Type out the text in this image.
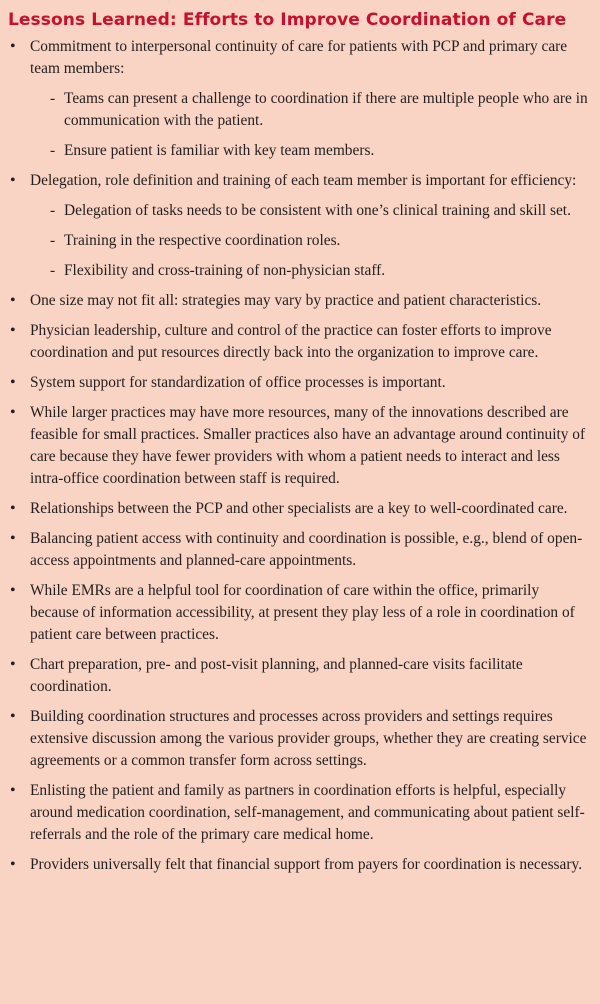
Lessons Learned: Efforts to Improve Coordination of Care
• Commitment to interpersonal continuity of care for patients with PCP and primary care team members:
- Teams can present a challenge to coordination if there are multiple people who are in communication with the patient.
- Ensure patient is familiar with key team members.
• Delegation, role definition and training of each team member is important for efficiency:
- Delegation of tasks needs to be consistent with one’s clinical training and skill set.
- Training in the respective coordination roles.
- Flexibility and cross-training of non-physician staff.
• One size may not fit all: strategies may vary by practice and patient characteristics.
• Physician leadership, culture and control of the practice can foster efforts to improve coordination and put resources directly back into the organization to improve care.
• System support for standardization of office processes is important.
• While larger practices may have more resources, many of the innovations described are feasible for small practices. Smaller practices also have an advantage around continuity of care because they have fewer providers with whom a patient needs to interact and less intra-office coordination between staff is required.
• Relationships between the PCP and other specialists are a key to well-coordinated care.
• Balancing patient access with continuity and coordination is possible, e.g., blend of open-access appointments and planned-care appointments.
• While EMRs are a helpful tool for coordination of care within the office, primarily because of information accessibility, at present they play less of a role in coordination of patient care between practices.
• Chart preparation, pre- and post-visit planning, and planned-care visits facilitate coordination.
• Building coordination structures and processes across providers and settings requires extensive discussion among the various provider groups, whether they are creating service agreements or a common transfer form across settings.
• Enlisting the patient and family as partners in coordination efforts is helpful, especially around medication coordination, self-management, and communicating about patient self-referrals and the role of the primary care medical home.
• Providers universally felt that financial support from payers for coordination is necessary.
